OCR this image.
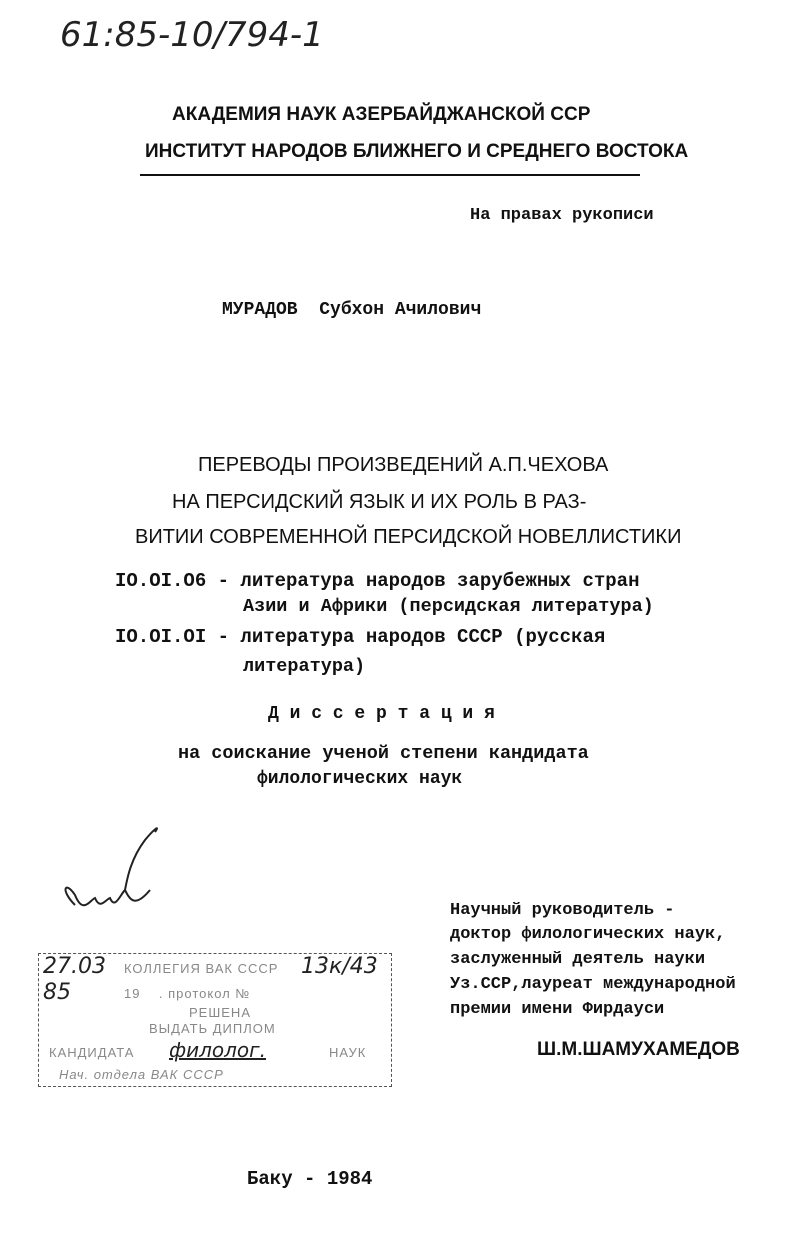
61:85-10/794-1
АКАДЕМИЯ НАУК АЗЕРБАЙДЖАНСКОЙ ССР
ИНСТИТУТ НАРОДОВ БЛИЖНЕГО И СРЕДНЕГО ВОСТОКА
На правах рукописи
МУРАДОВ  Субхон Ачилович
ПЕРЕВОДЫ ПРОИЗВЕДЕНИЙ А.П.ЧЕХОВА
НА ПЕРСИДСКИЙ ЯЗЫК И ИХ РОЛЬ В РАЗ-
ВИТИИ СОВРЕМЕННОЙ ПЕРСИДСКОЙ НОВЕЛЛИСТИКИ
IO.OI.O6 - литература народов зарубежных стран
Азии и Африки (персидская литература)
IO.OI.OI - литература народов СССР (русская
литература)
Д и с с е р т а ц и я
на соискание ученой степени кандидата
филологических наук
Научный руководитель -
доктор филологических наук,
заслуженный деятель науки
Уз.ССР,лауреат международной
премии имени Фирдауси
Ш.М.ШАМУХАМЕДОВ
27.03 КОЛЛЕГИЯ ВАК СССР 13к/43
85	19    . протокол №
РЕШЕНА
ВЫДАТЬ ДИПЛОМ
КАНДИДАТА филолог.	НАУК
Нач. отдела ВАК СССР
Баку - 1984
